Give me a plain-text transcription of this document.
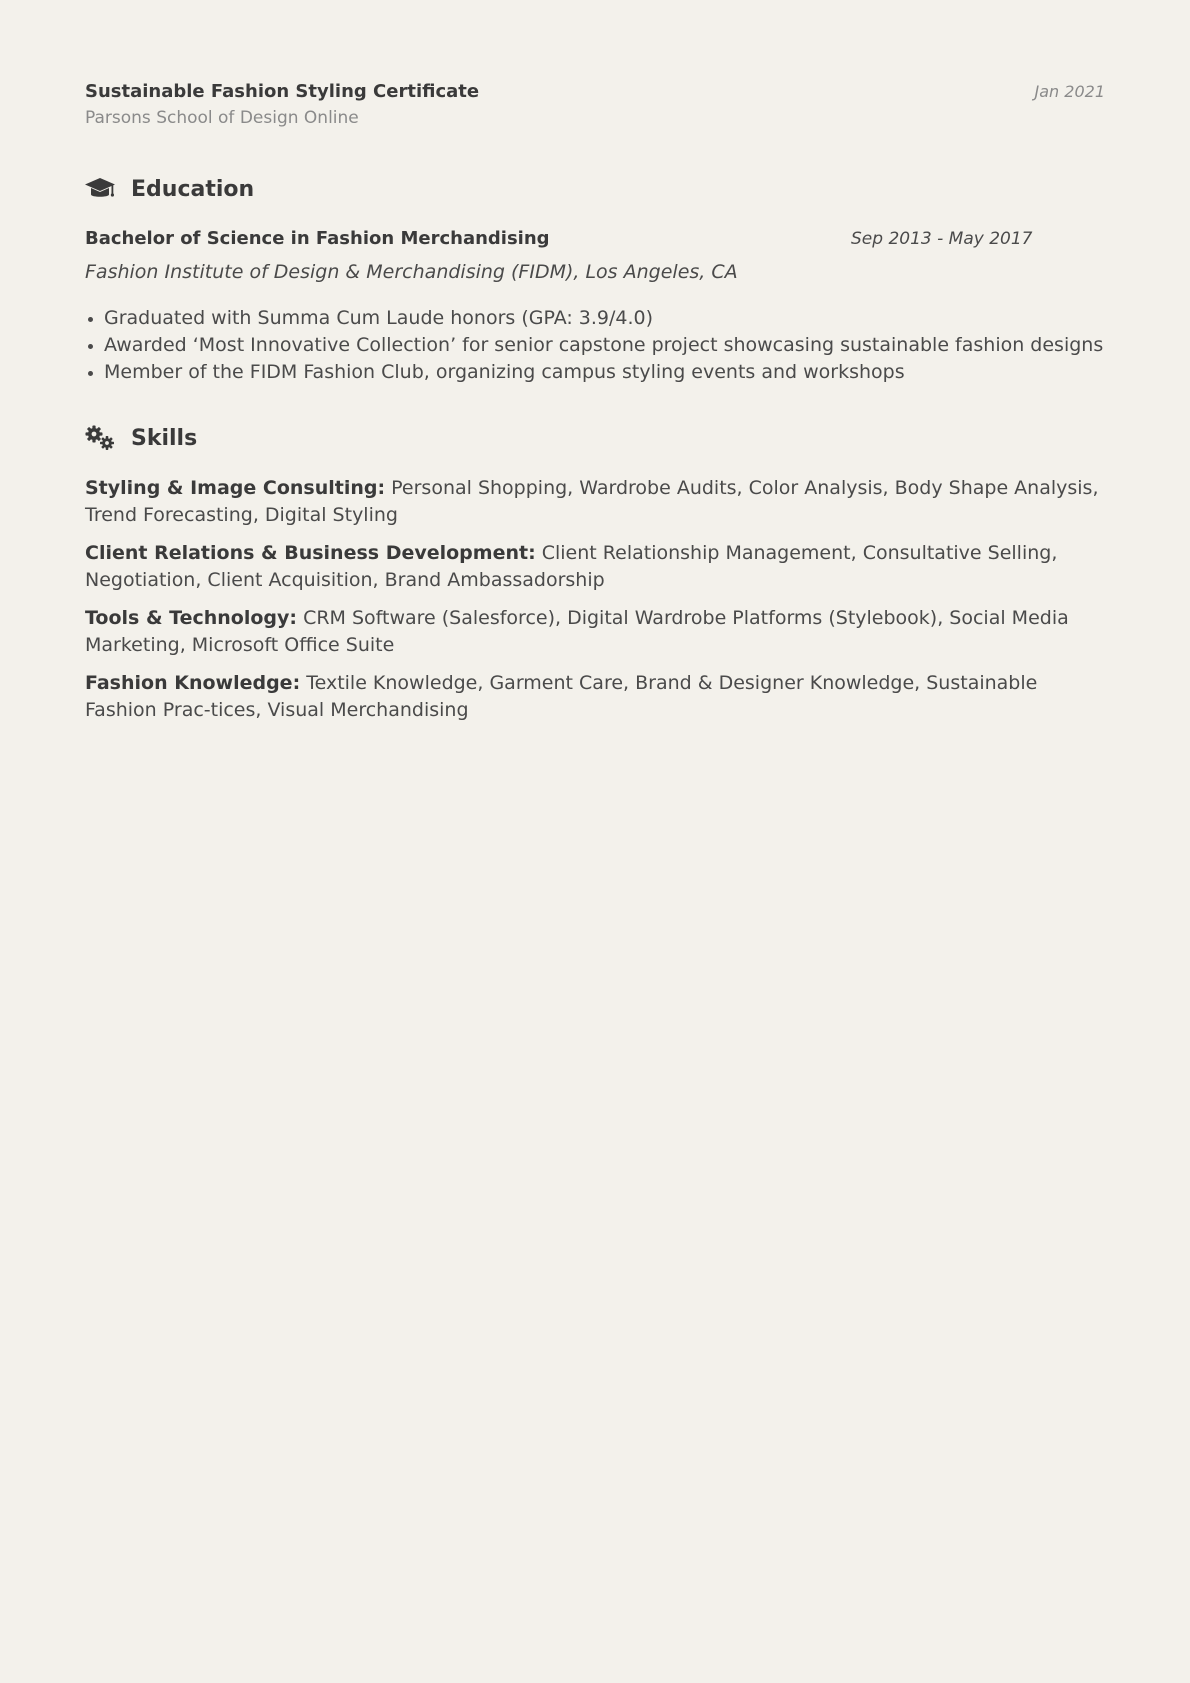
Sustainable Fashion Styling Certificate
Parsons School of Design Online
Jan 2021
Education
Bachelor of Science in Fashion Merchandising	Sep 2013 - May 2017
Fashion Institute of Design & Merchandising (FIDM), Los Angeles, CA
Graduated with Summa Cum Laude honors (GPA: 3.9/4.0)
Awarded ‘Most Innovative Collection’ for senior capstone project showcasing sustainable fashion designs
Member of the FIDM Fashion Club, organizing campus styling events and workshops
Skills
Styling & Image Consulting: Personal Shopping, Wardrobe Audits, Color Analysis, Body Shape Analysis, Trend Forecasting, Digital Styling
Client Relations & Business Development: Client Relationship Management, Consultative Selling, Negotiation, Client Acquisition, Brand Ambassadorship
Tools & Technology: CRM Software (Salesforce), Digital Wardrobe Platforms (Stylebook), Social Media Marketing, Microsoft Office Suite
Fashion Knowledge: Textile Knowledge, Garment Care, Brand & Designer Knowledge, Sustainable Fashion Prac-tices, Visual Merchandising
